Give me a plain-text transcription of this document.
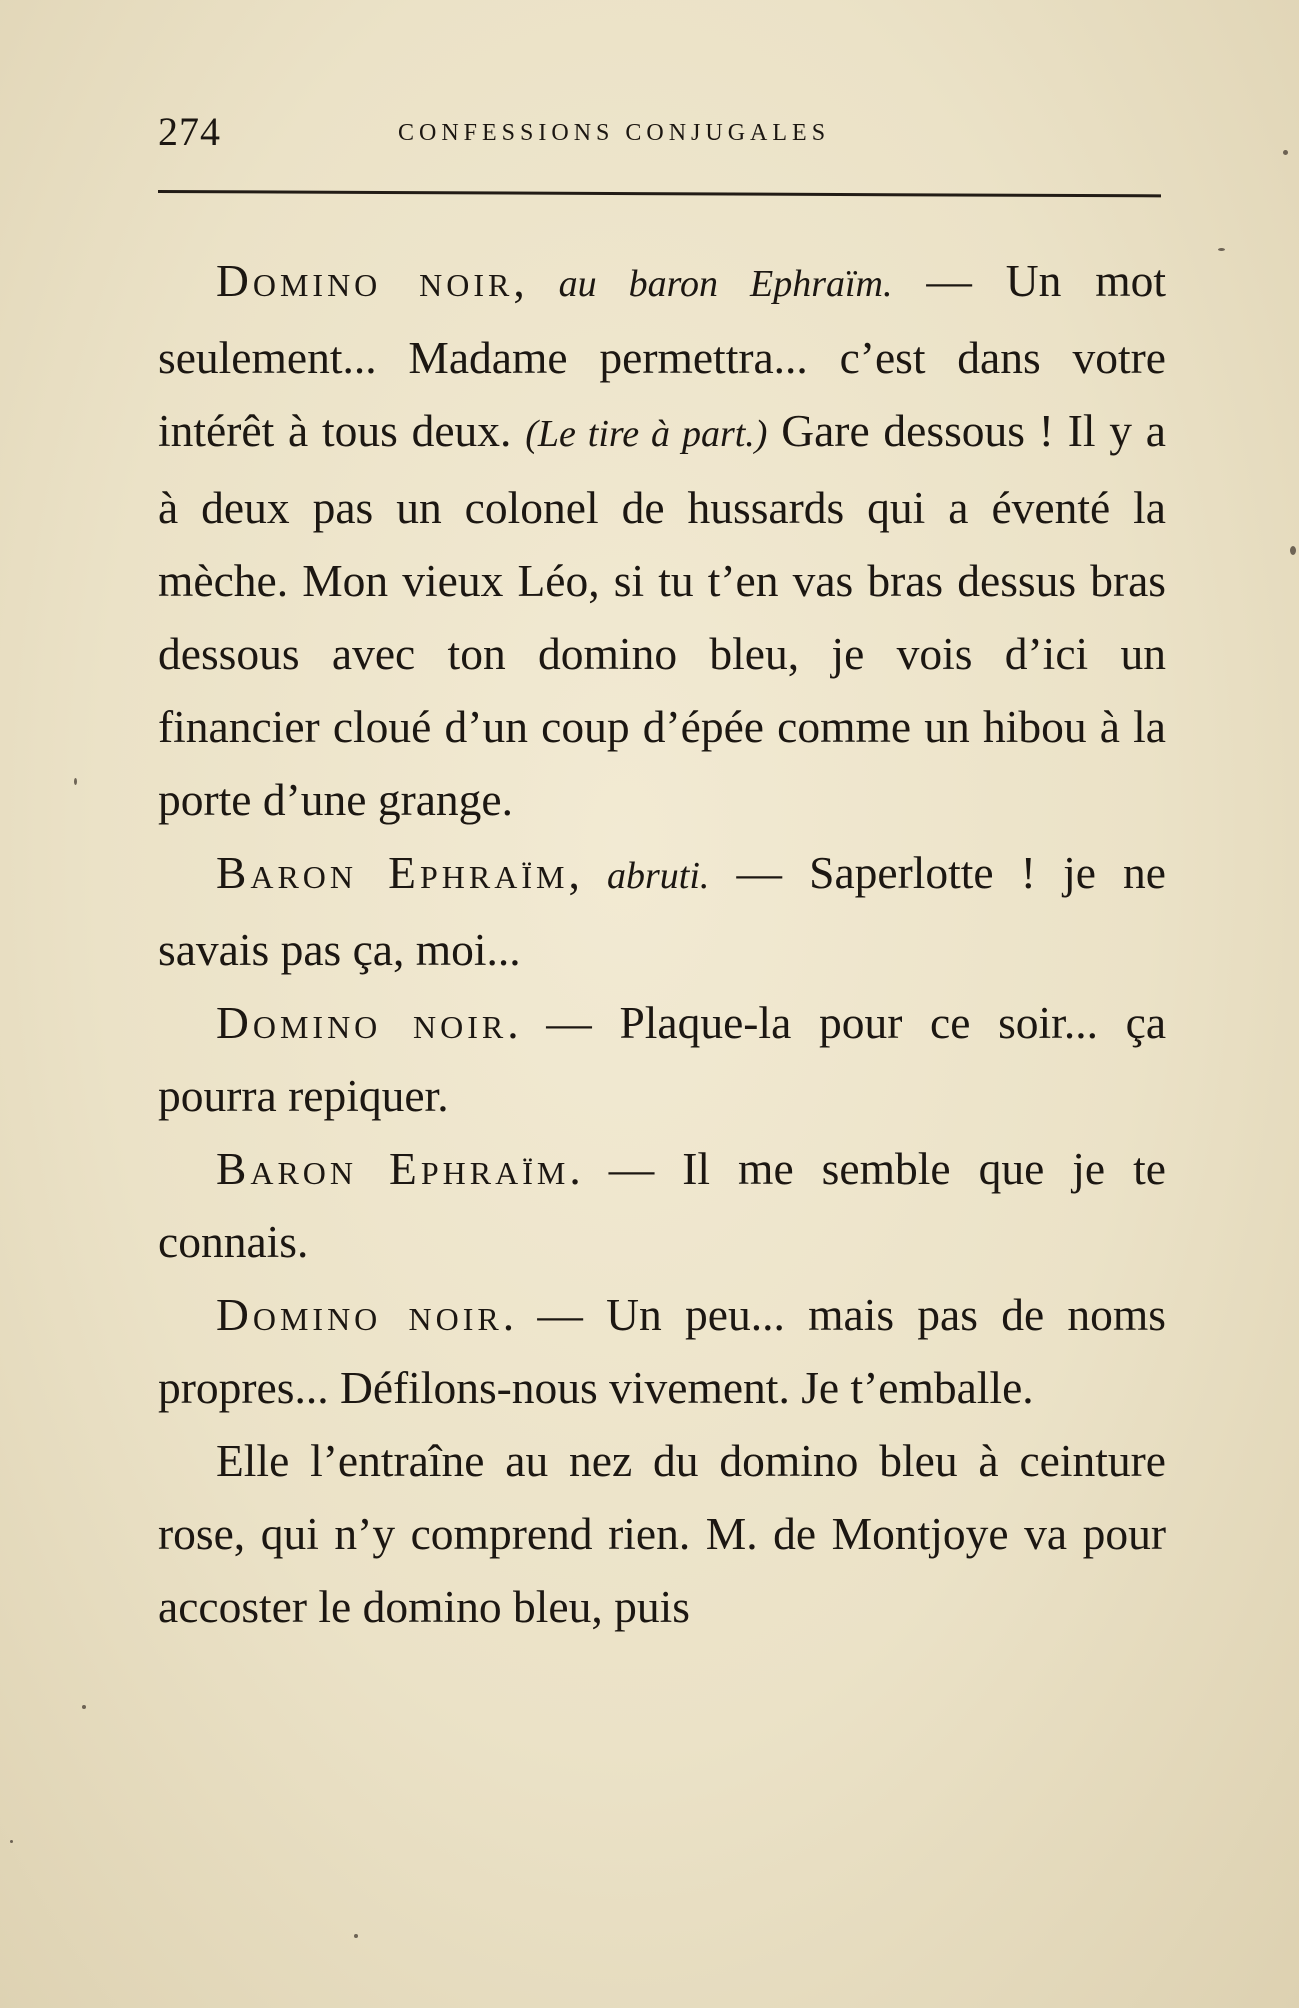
274	CONFESSIONS CONJUGALES

Domino noir, au baron Ephraïm. — Un mot seulement... Madame permettra... c’est dans votre intérêt à tous deux. (Le tire à part.) Gare dessous ! Il y a à deux pas un colonel de hussards qui a éventé la mèche. Mon vieux Léo, si tu t’en vas bras dessus bras dessous avec ton domino bleu, je vois d’ici un financier cloué d’un coup d’épée comme un hibou à la porte d’une grange.

Baron Ephraïm, abruti. — Saperlotte ! je ne savais pas ça, moi...

Domino noir. — Plaque-la pour ce soir... ça pourra repiquer.

Baron Ephraïm. — Il me semble que je te connais.

Domino noir. — Un peu... mais pas de noms propres... Défilons-nous vivement. Je t’emballe.

Elle l’entraîne au nez du domino bleu à ceinture rose, qui n’y comprend rien. M. de Montjoye va pour accoster le domino bleu, puis
